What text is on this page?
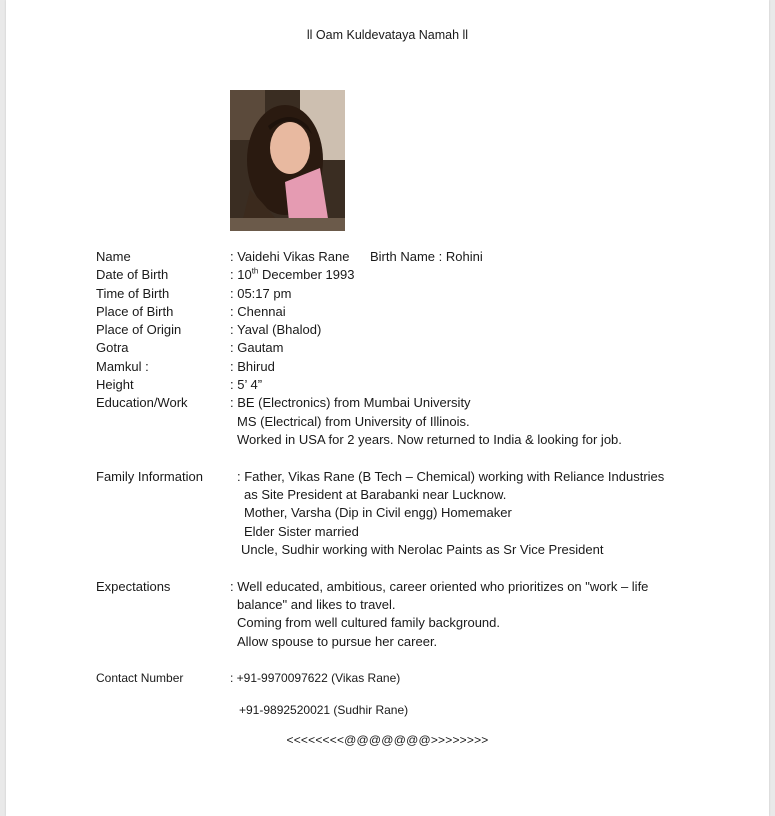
ll Oam Kuldevataya Namah ll
Name	: Vaidehi Vikas Rane Birth Name : Rohini
Date of Birth	: 10th December 1993
Time of Birth	: 05:17 pm
Place of Birth	: Chennai
Place of Origin	: Yaval (Bhalod)
Gotra	: Gautam
Mamkul :	: Bhirud
Height	: 5’ 4”
Education/Work	: BE (Electronics) from Mumbai University
MS (Electrical) from University of Illinois.
Worked in USA for 2 years. Now returned to India & looking for job.
Family Information	: Father, Vikas Rane (B Tech – Chemical) working with Reliance Industries
as Site President at Barabanki near Lucknow.
Mother, Varsha (Dip in Civil engg) Homemaker
Elder Sister married
Uncle, Sudhir working with Nerolac Paints as Sr Vice President
Expectations	: Well educated, ambitious, career oriented who prioritizes on "work – life
balance" and likes to travel.
Coming from well cultured family background.
Allow spouse to pursue her career.
Contact Number	: +91-9970097622 (Vikas Rane)
+91-9892520021 (Sudhir Rane)
<<<<<<<<@@@@@@@>>>>>>>>
